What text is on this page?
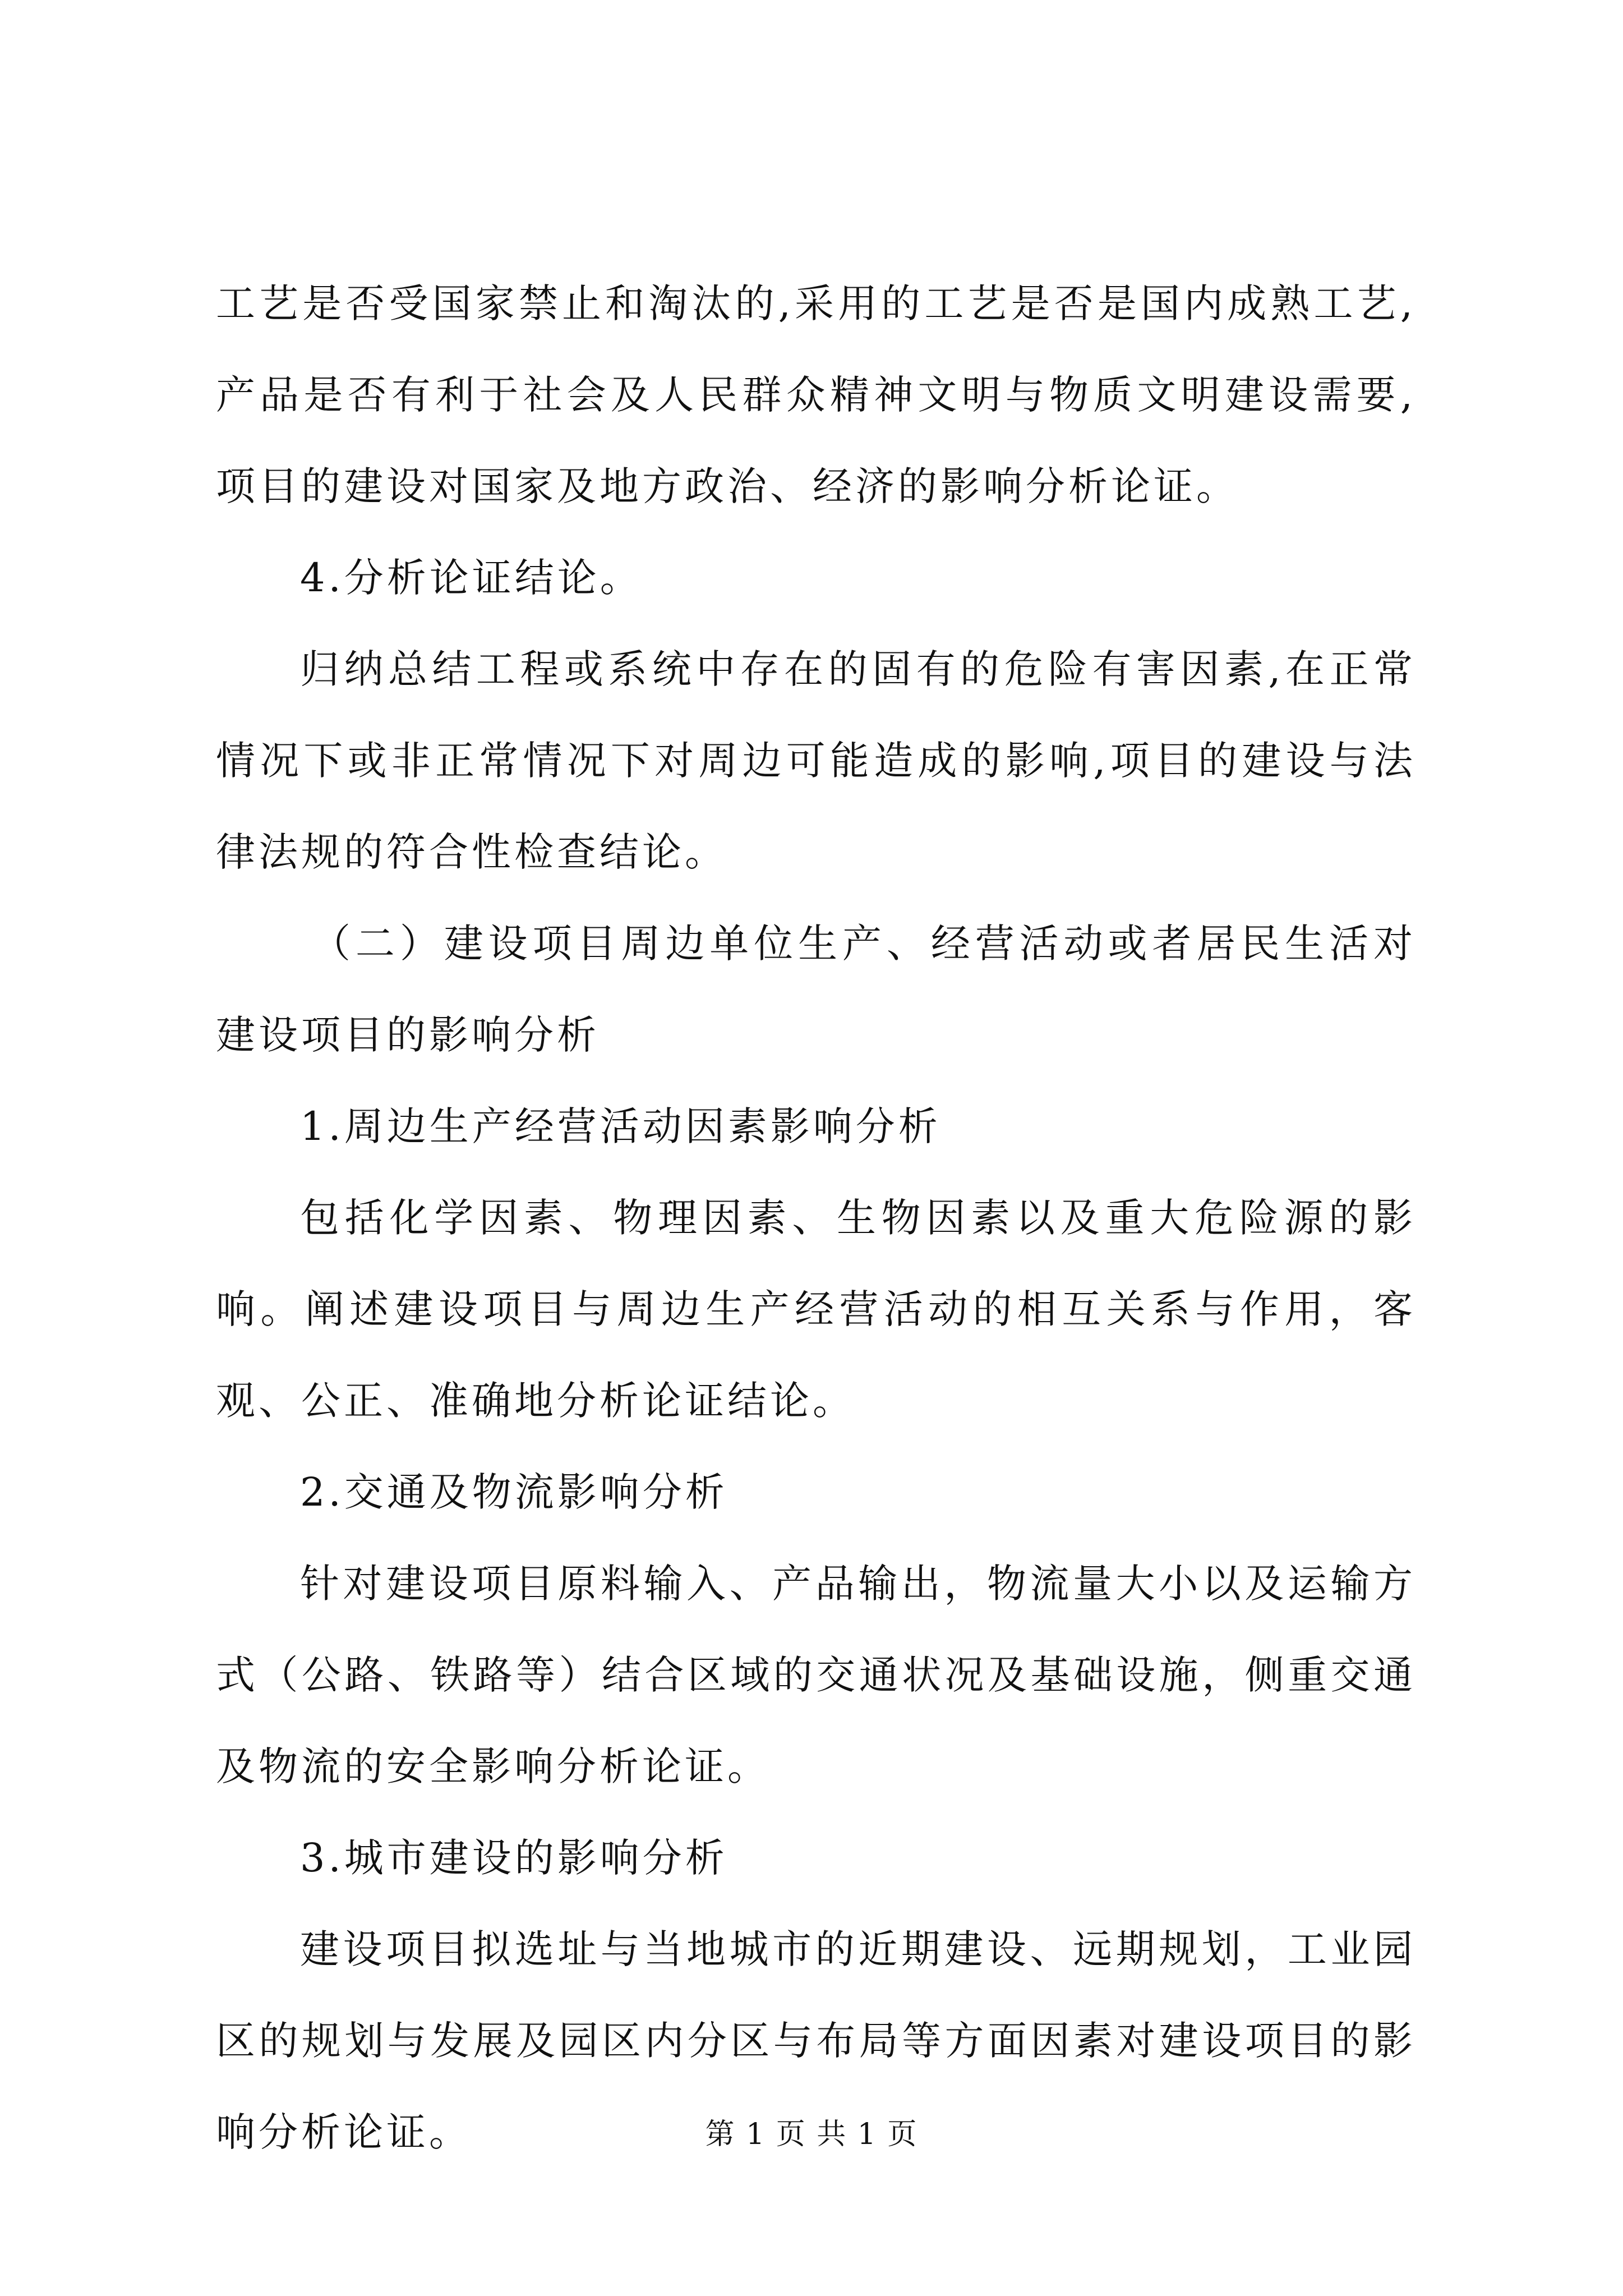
工艺是否受国家禁止和淘汰的,采用的工艺是否是国内成熟工艺,产品是否有利于社会及人民群众精神文明与物质文明建设需要,项目的建设对国家及地方政治、经济的影响分析论证。

4.分析论证结论。

归纳总结工程或系统中存在的固有的危险有害因素,在正常情况下或非正常情况下对周边可能造成的影响,项目的建设与法律法规的符合性检查结论。

（二）建设项目周边单位生产、经营活动或者居民生活对建设项目的影响分析

1.周边生产经营活动因素影响分析

包括化学因素、物理因素、生物因素以及重大危险源的影响。阐述建设项目与周边生产经营活动的相互关系与作用，客观、公正、准确地分析论证结论。

2.交通及物流影响分析

针对建设项目原料输入、产品输出，物流量大小以及运输方式（公路、铁路等）结合区域的交通状况及基础设施，侧重交通及物流的安全影响分析论证。

3.城市建设的影响分析

建设项目拟选址与当地城市的近期建设、远期规划，工业园区的规划与发展及园区内分区与布局等方面因素对建设项目的影响分析论证。	第 1 页 共 1 页
